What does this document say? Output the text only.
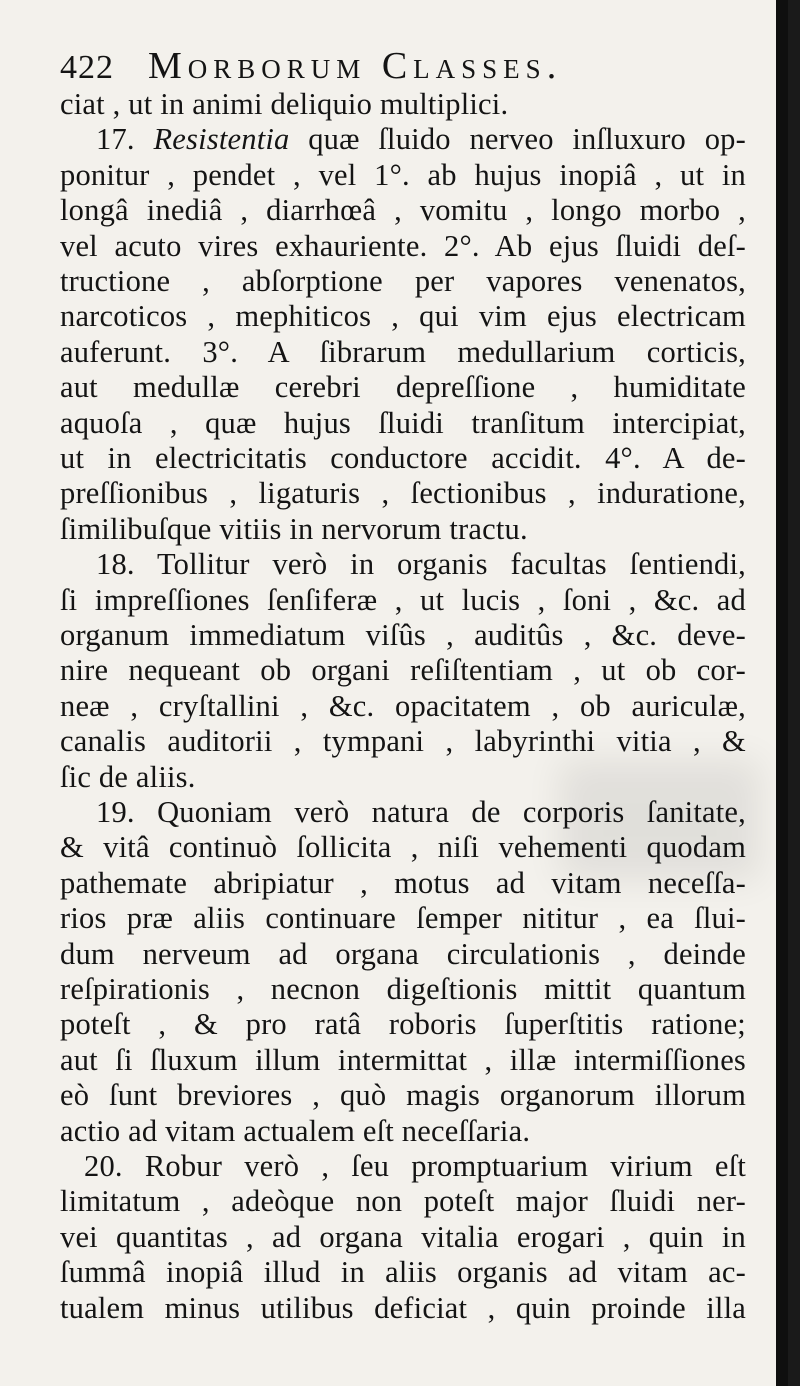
422 Morborum Classes.
ciat , ut in animi deliquio multiplici.
17. Resistentia quæ ſluido nerveo inſluxuro op-
ponitur , pendet , vel 1°. ab hujus inopiâ , ut in
longâ inediâ , diarrhœâ , vomitu , longo morbo ,
vel acuto vires exhauriente. 2°. Ab ejus ſluidi deſ-
tructione , abſorptione per vapores venenatos,
narcoticos , mephiticos , qui vim ejus electricam
auferunt. 3°. A ſibrarum medullarium corticis,
aut medullæ cerebri depreſſione , humiditate
aquoſa , quæ hujus ſluidi tranſitum intercipiat,
ut in electricitatis conductore accidit. 4°. A de-
preſſionibus , ligaturis , ſectionibus , induratione,
ſimilibuſque vitiis in nervorum tractu.
18. Tollitur verò in organis facultas ſentiendi,
ſi impreſſiones ſenſiferæ , ut lucis , ſoni , &c. ad
organum immediatum viſûs , auditûs , &c. deve-
nire nequeant ob organi reſiſtentiam , ut ob cor-
neæ , cryſtallini , &c. opacitatem , ob auriculæ,
canalis auditorii , tympani , labyrinthi vitia , &
ſic de aliis.
19. Quoniam verò natura de corporis ſanitate,
& vitâ continuò ſollicita , niſi vehementi quodam
pathemate abripiatur , motus ad vitam neceſſa-
rios præ aliis continuare ſemper nititur , ea ſlui-
dum nerveum ad organa circulationis , deinde
reſpirationis , necnon digeſtionis mittit quantum
poteſt , & pro ratâ roboris ſuperſtitis ratione;
aut ſi ſluxum illum intermittat , illæ intermiſſiones
eò ſunt breviores , quò magis organorum illorum
actio ad vitam actualem eſt neceſſaria.
20. Robur verò , ſeu promptuarium virium eſt
limitatum , adeòque non poteſt major ſluidi ner-
vei quantitas , ad organa vitalia erogari , quin in
ſummâ inopiâ illud in aliis organis ad vitam ac-
tualem minus utilibus deficiat , quin proinde illa
